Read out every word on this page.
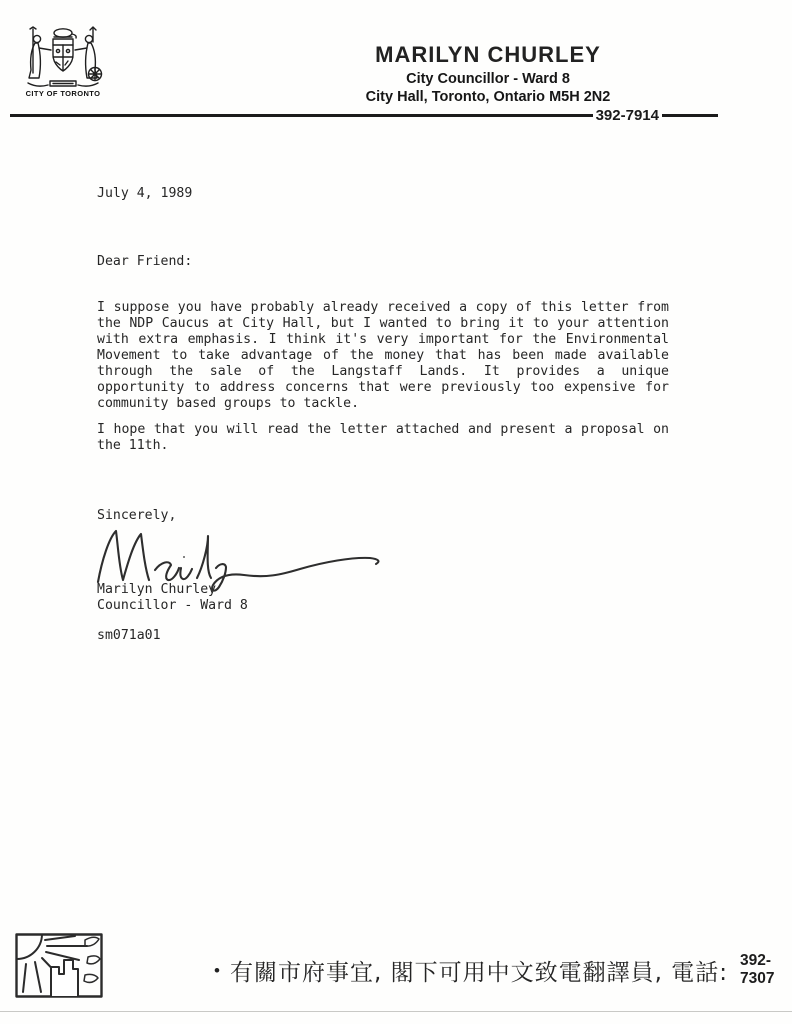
CITY OF TORONTO
MARILYN CHURLEY
City Councillor - Ward 8
City Hall, Toronto, Ontario M5H 2N2
392-7914
July 4, 1989
Dear Friend:
I suppose you have probably already received a copy of this letter from
the NDP Caucus at City Hall, but I wanted to bring it to your attention
with extra emphasis. I think it's very important for the Environmental
Movement to take advantage of the money that has been made available
through the sale of the Langstaff Lands. It provides a unique
opportunity to address concerns that were previously too expensive for
community based groups to tackle.
I hope that you will read the letter attached and present a proposal on
the 11th.
Sincerely,
Marilyn Churley
Councillor - Ward 8
sm071a01
• 有關市府事宜, 閣下可用中文致電翻譯員, 電話: 392-7307
